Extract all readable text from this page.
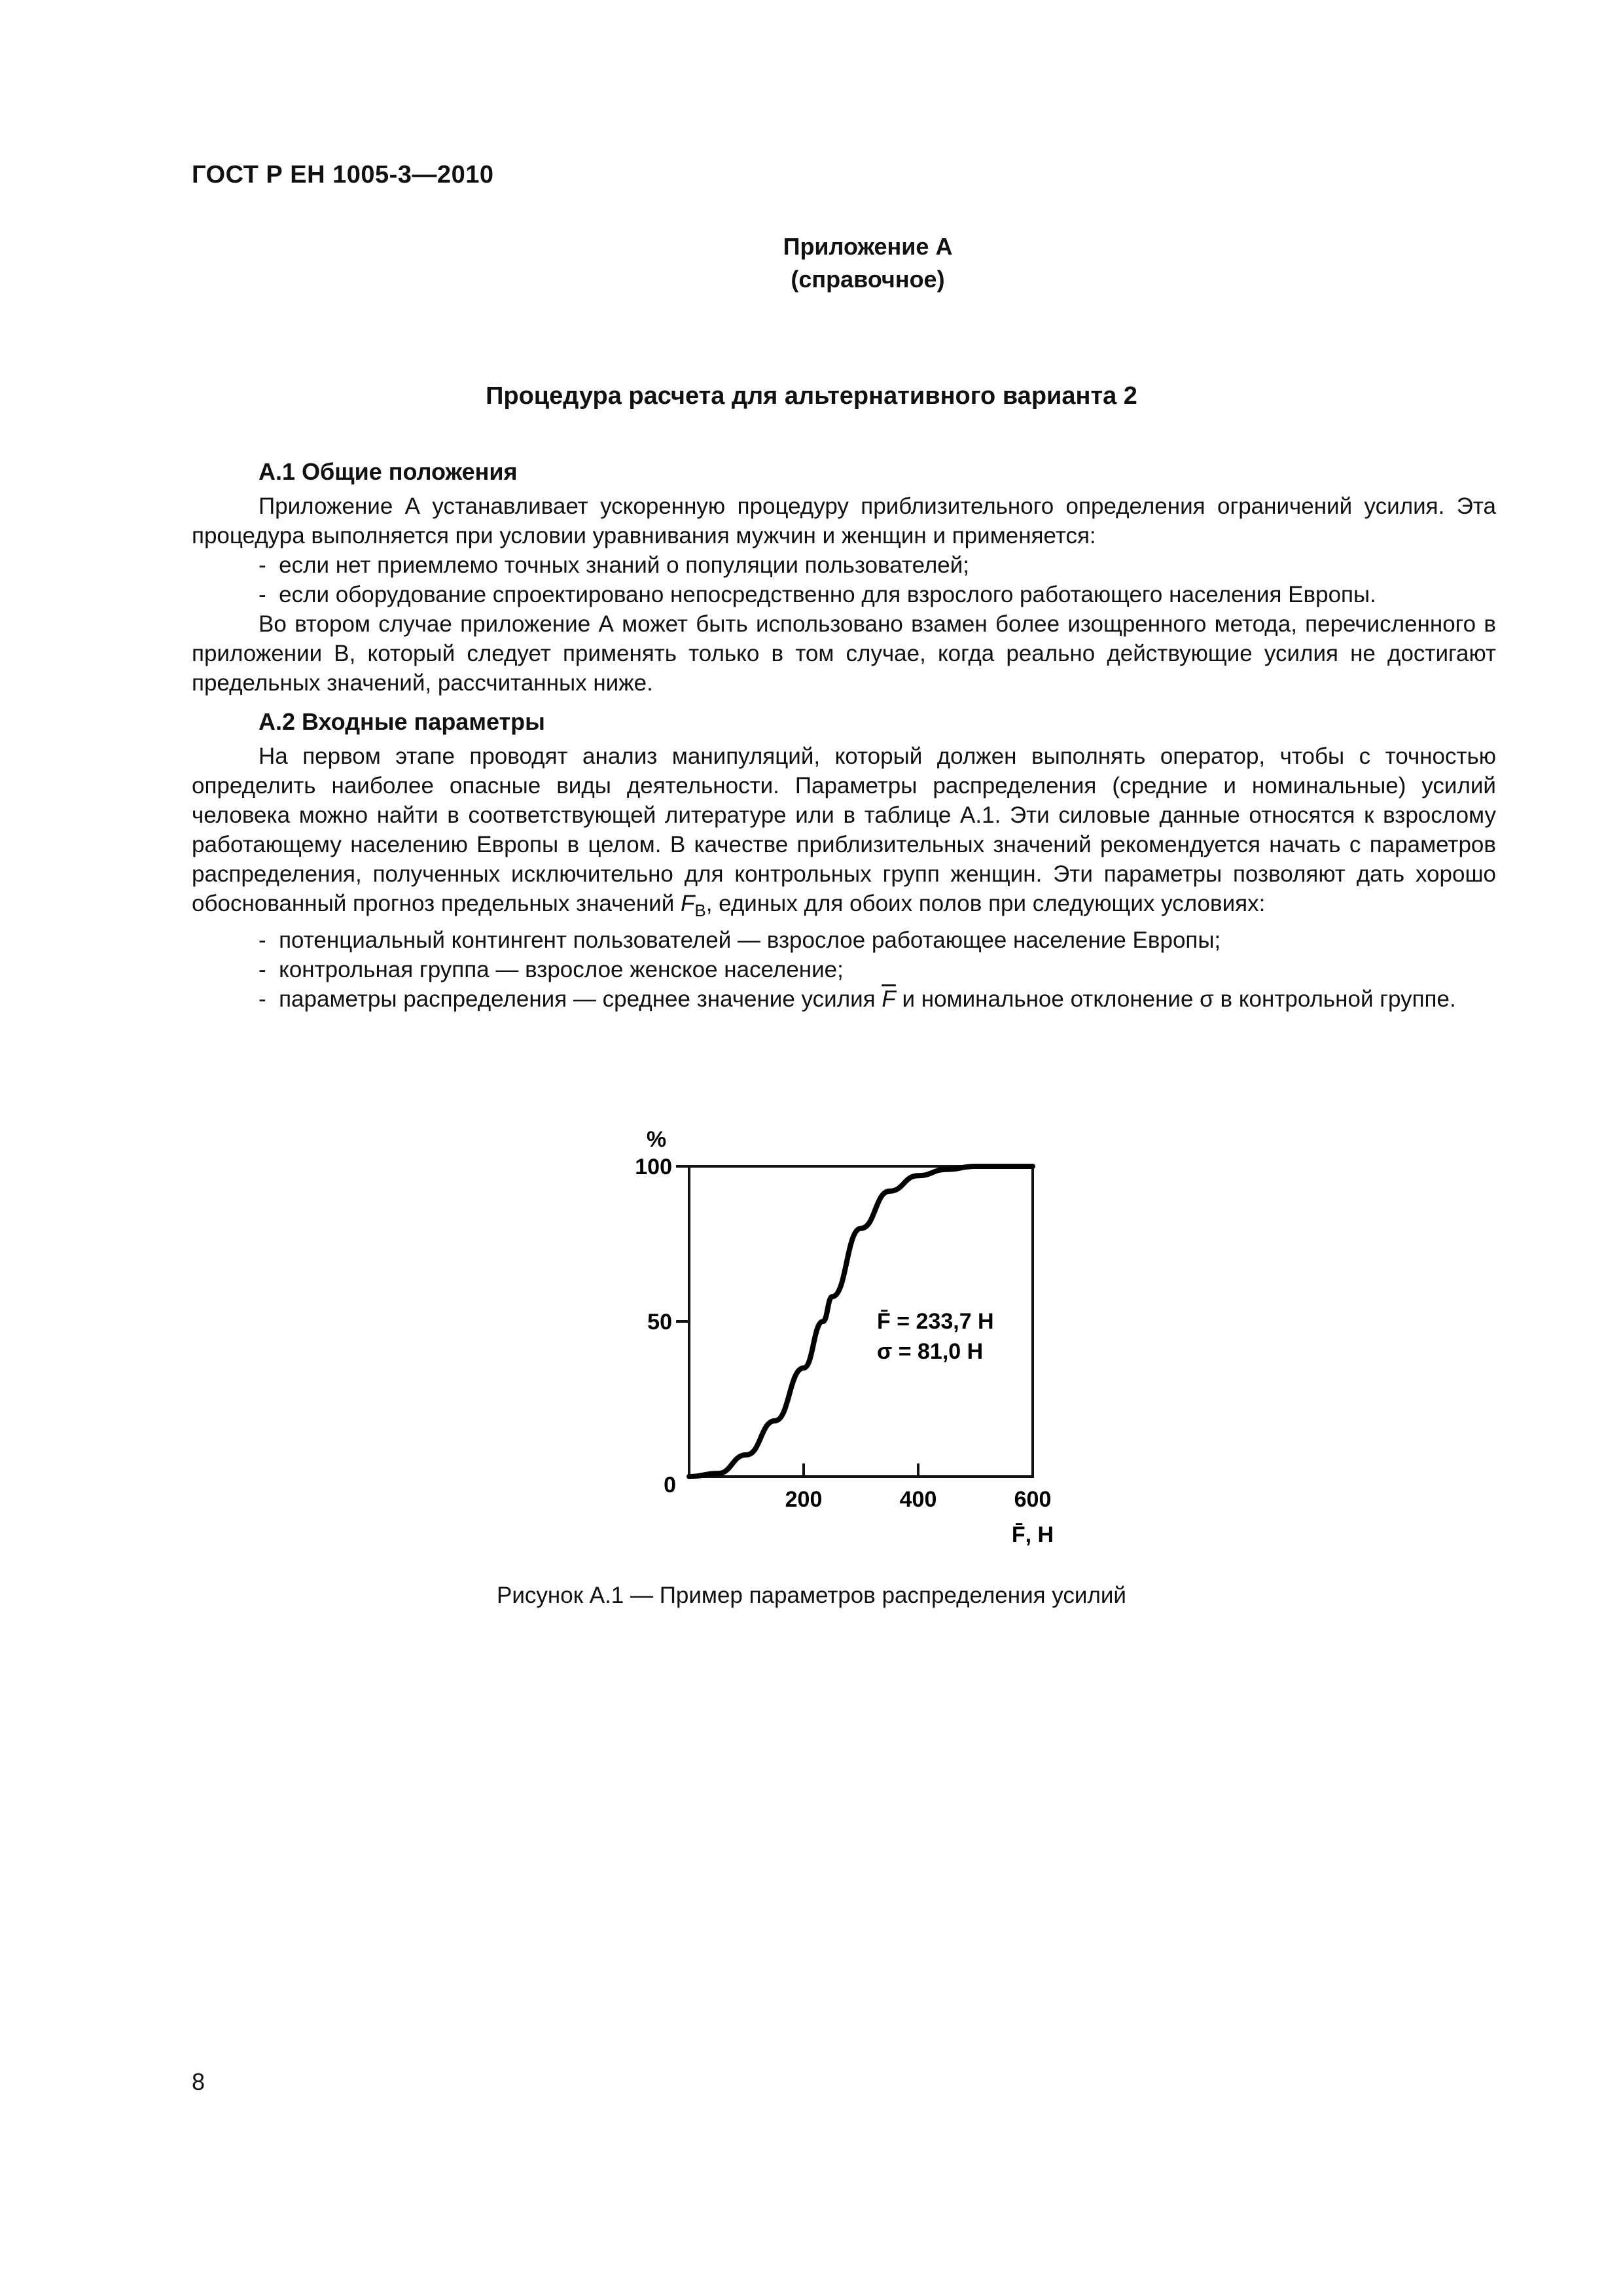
ГОСТ Р ЕН 1005-3—2010
Приложение А
(справочное)
Процедура расчета для альтернативного варианта 2
А.1 Общие положения
Приложение А устанавливает ускоренную процедуру приблизительного определения ограничений усилия. Эта процедура выполняется при условии уравнивания мужчин и женщин и применяется:
-  если нет приемлемо точных знаний о популяции пользователей;
-  если оборудование спроектировано непосредственно для взрослого работающего населения Европы.
Во втором случае приложение А может быть использовано взамен более изощренного метода, перечисленного в приложении В, который следует применять только в том случае, когда реально действующие усилия не достигают предельных значений, рассчитанных ниже.
А.2 Входные параметры
На первом этапе проводят анализ манипуляций, который должен выполнять оператор, чтобы с точностью определить наиболее опасные виды деятельности. Параметры распределения (средние и номинальные) усилий человека можно найти в соответствующей литературе или в таблице А.1. Эти силовые данные относятся к взрослому работающему населению Европы в целом. В качестве приблизительных значений рекомендуется начать с параметров распределения, полученных исключительно для контрольных групп женщин. Эти параметры позволяют дать хорошо обоснованный прогноз предельных значений $F_B$, единых для обоих полов при следующих условиях:
-  потенциальный контингент пользователей — взрослое работающее население Европы;
-  контрольная группа — взрослое женское население;
-  параметры распределения — среднее значение усилия $\overline{F}$ и номинальное отклонение σ в контрольной группе.
%
0
50
100
200	400	600
F̄ = 233,7 Н
σ = 81,0 Н
F̄, Н
Рисунок А.1 — Пример параметров распределения усилий
8
